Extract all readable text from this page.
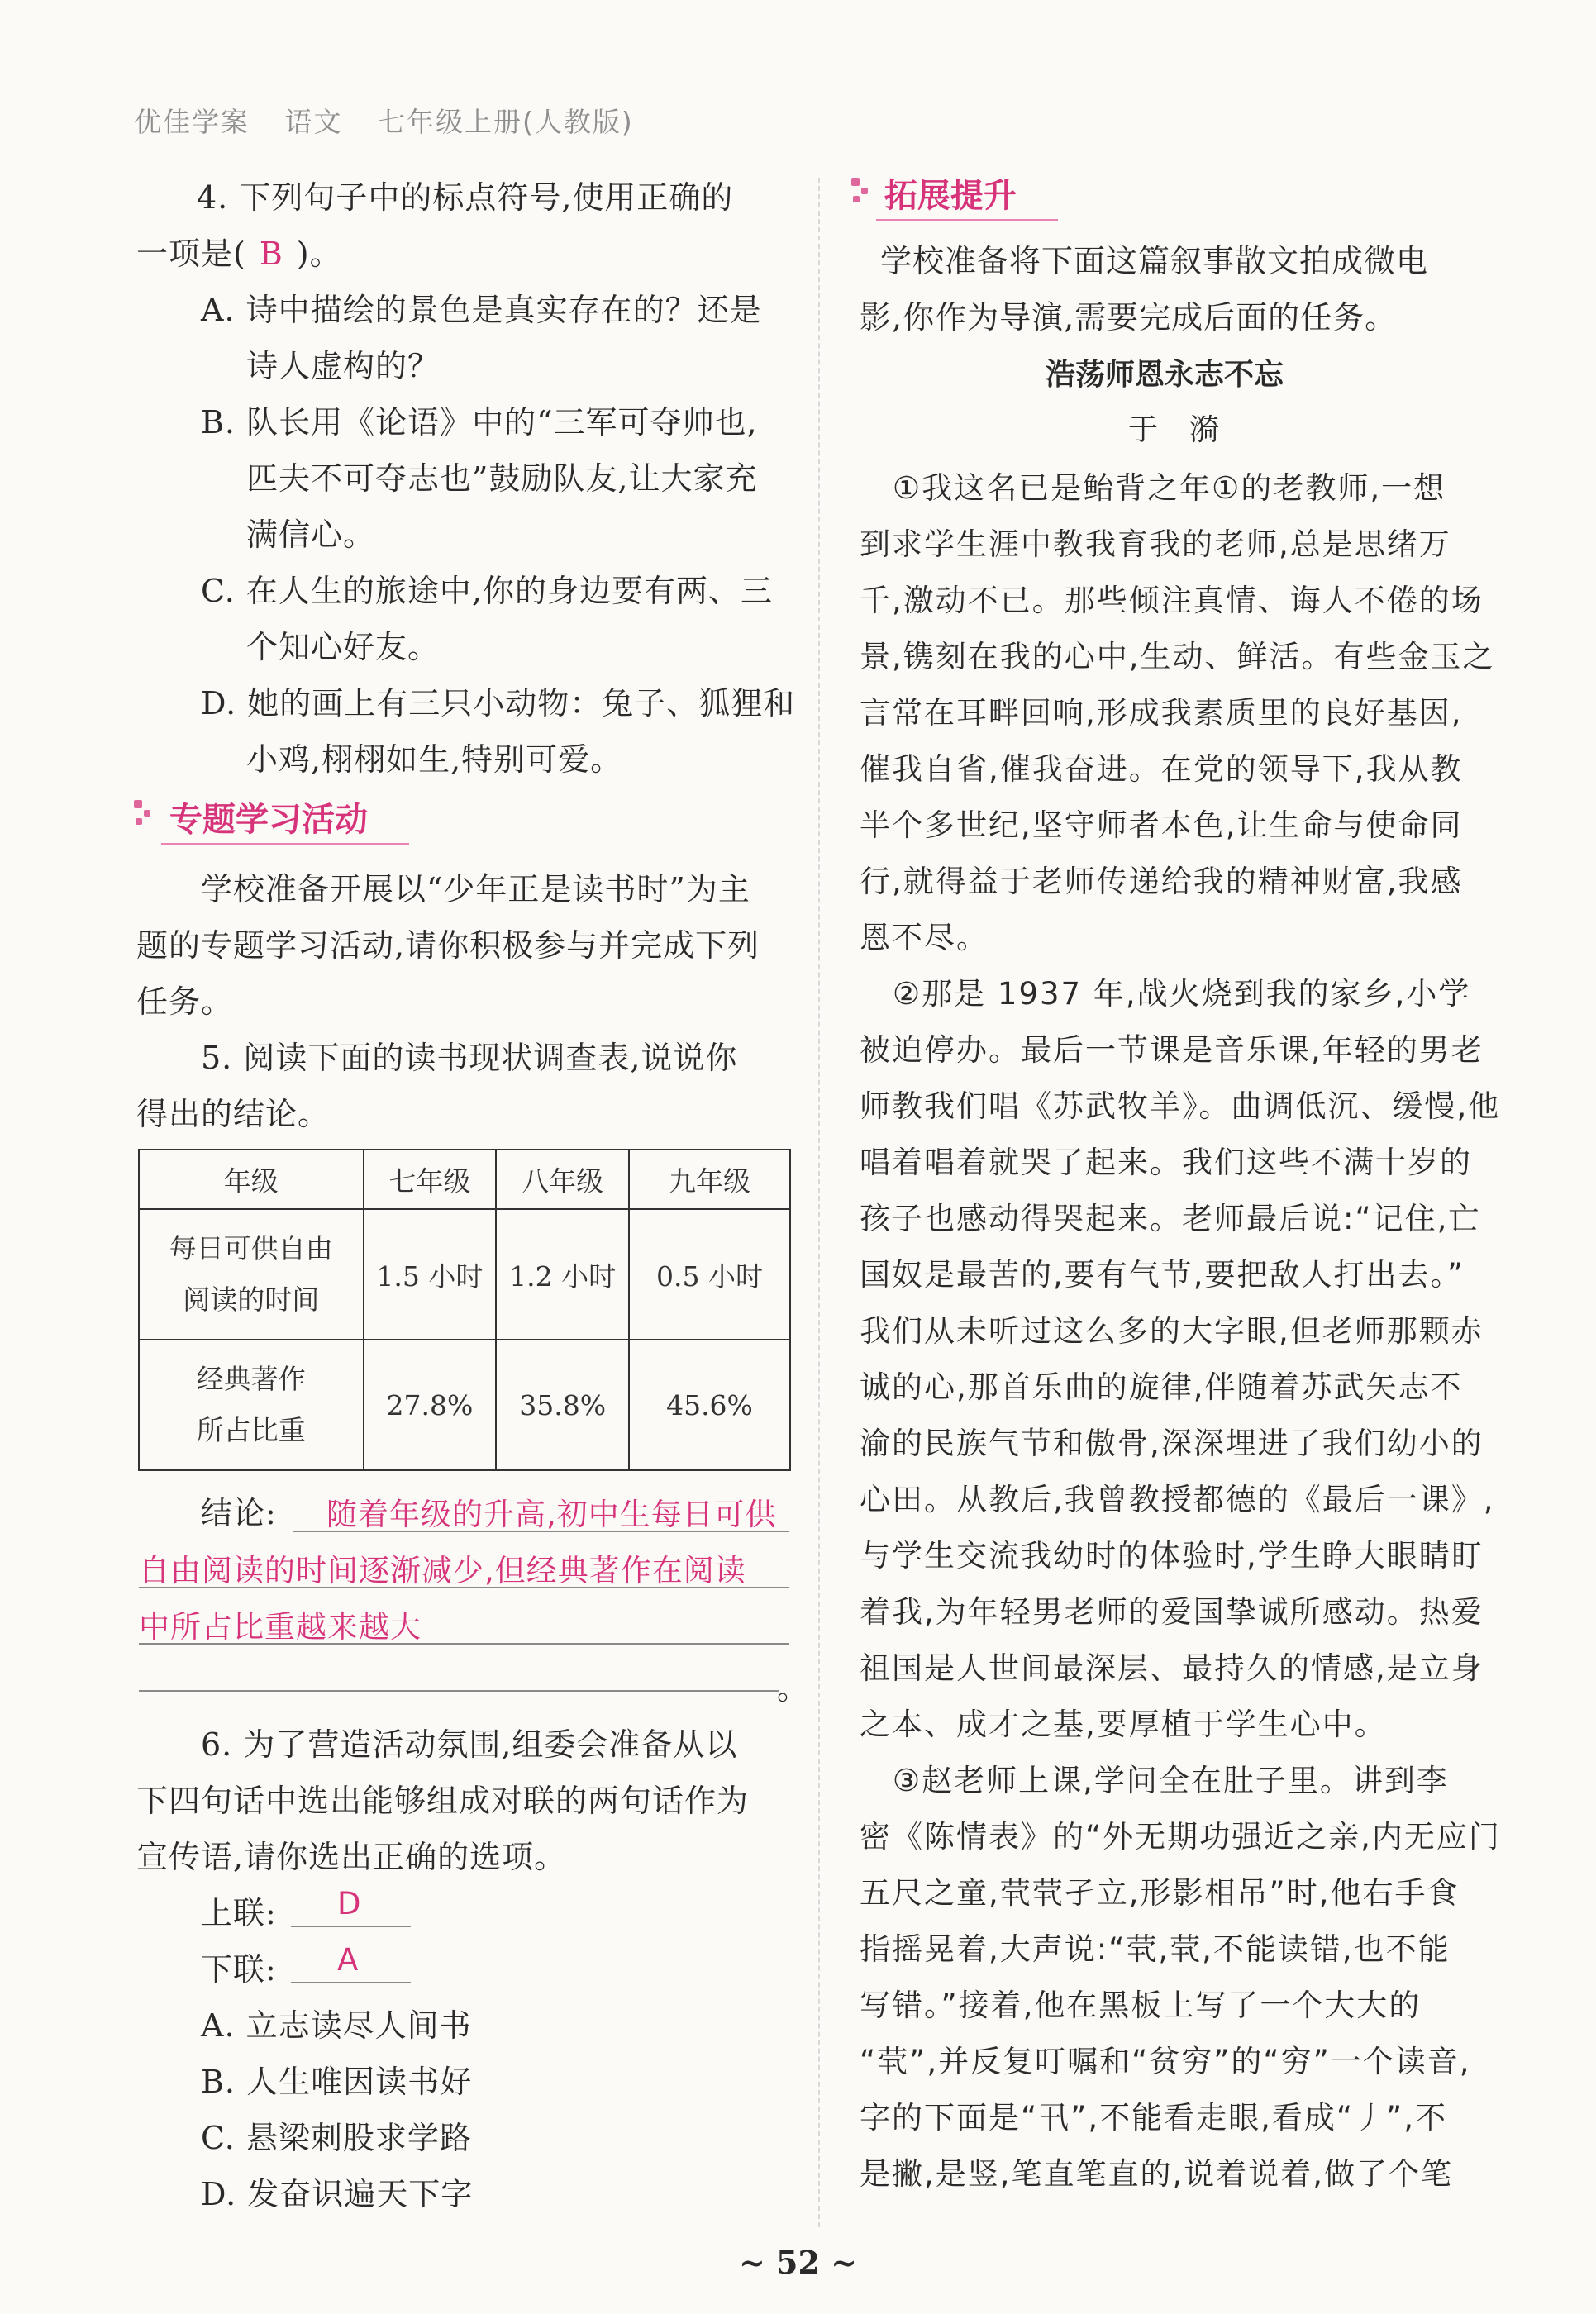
优佳学案 语文 七年级上册(人教版)
4. 下列句子中的标点符号,使用正确的
一项是( B )。
A. 诗中描绘的景色是真实存在的？还是
诗人虚构的？
B. 队长用《论语》中的“三军可夺帅也,
匹夫不可夺志也”鼓励队友,让大家充
满信心。
C. 在人生的旅途中,你的身边要有两、三
个知心好友。
D. 她的画上有三只小动物：兔子、狐狸和
小鸡,栩栩如生,特别可爱。
专题学习活动
学校准备开展以“少年正是读书时”为主
题的专题学习活动,请你积极参与并完成下列
任务。
5. 阅读下面的读书现状调查表,说说你
得出的结论。
年级	七年级	八年级	九年级

每日可供自由
阅读的时间	1.5 小时	1.2 小时	0.5 小时

经典著作
所占比重	27.8%	35.8%	45.6%
结论: 随着年级的升高,初中生每日可供
自由阅读的时间逐渐减少,但经典著作在阅读
中所占比重越来越大
。
6. 为了营造活动氛围,组委会准备从以
下四句话中选出能够组成对联的两句话作为
宣传语,请你选出正确的选项。
上联: D
下联: A
A. 立志读尽人间书
B. 人生唯因读书好
C. 悬梁刺股求学路
D. 发奋识遍天下字
拓展提升
学校准备将下面这篇叙事散文拍成微电
影,你作为导演,需要完成后面的任务。
浩荡师恩永志不忘
于　漪
①我这名已是鲐背之年①的老教师,一想
到求学生涯中教我育我的老师,总是思绪万
千,激动不已。那些倾注真情、诲人不倦的场
景,镌刻在我的心中,生动、鲜活。有些金玉之
言常在耳畔回响,形成我素质里的良好基因,
催我自省,催我奋进。在党的领导下,我从教
半个多世纪,坚守师者本色,让生命与使命同
行,就得益于老师传递给我的精神财富,我感
恩不尽。
②那是 1937 年,战火烧到我的家乡,小学
被迫停办。最后一节课是音乐课,年轻的男老
师教我们唱《苏武牧羊》。曲调低沉、缓慢,他
唱着唱着就哭了起来。我们这些不满十岁的
孩子也感动得哭起来。老师最后说:“记住,亡
国奴是最苦的,要有气节,要把敌人打出去。”
我们从未听过这么多的大字眼,但老师那颗赤
诚的心,那首乐曲的旋律,伴随着苏武矢志不
渝的民族气节和傲骨,深深埋进了我们幼小的
心田。从教后,我曾教授都德的《最后一课》,
与学生交流我幼时的体验时,学生睁大眼睛盯
着我,为年轻男老师的爱国挚诚所感动。热爱
祖国是人世间最深层、最持久的情感,是立身
之本、成才之基,要厚植于学生心中。
③赵老师上课,学问全在肚子里。讲到李
密《陈情表》的“外无期功强近之亲,内无应门
五尺之童,茕茕孑立,形影相吊”时,他右手食
指摇晃着,大声说:“茕,茕,不能读错,也不能
写错。”接着,他在黑板上写了一个大大的
“茕”,并反复叮嘱和“贫穷”的“穷”一个读音,
字的下面是“卂”,不能看走眼,看成“丿”,不
是撇,是竖,笔直笔直的,说着说着,做了个笔
~ 52 ~
